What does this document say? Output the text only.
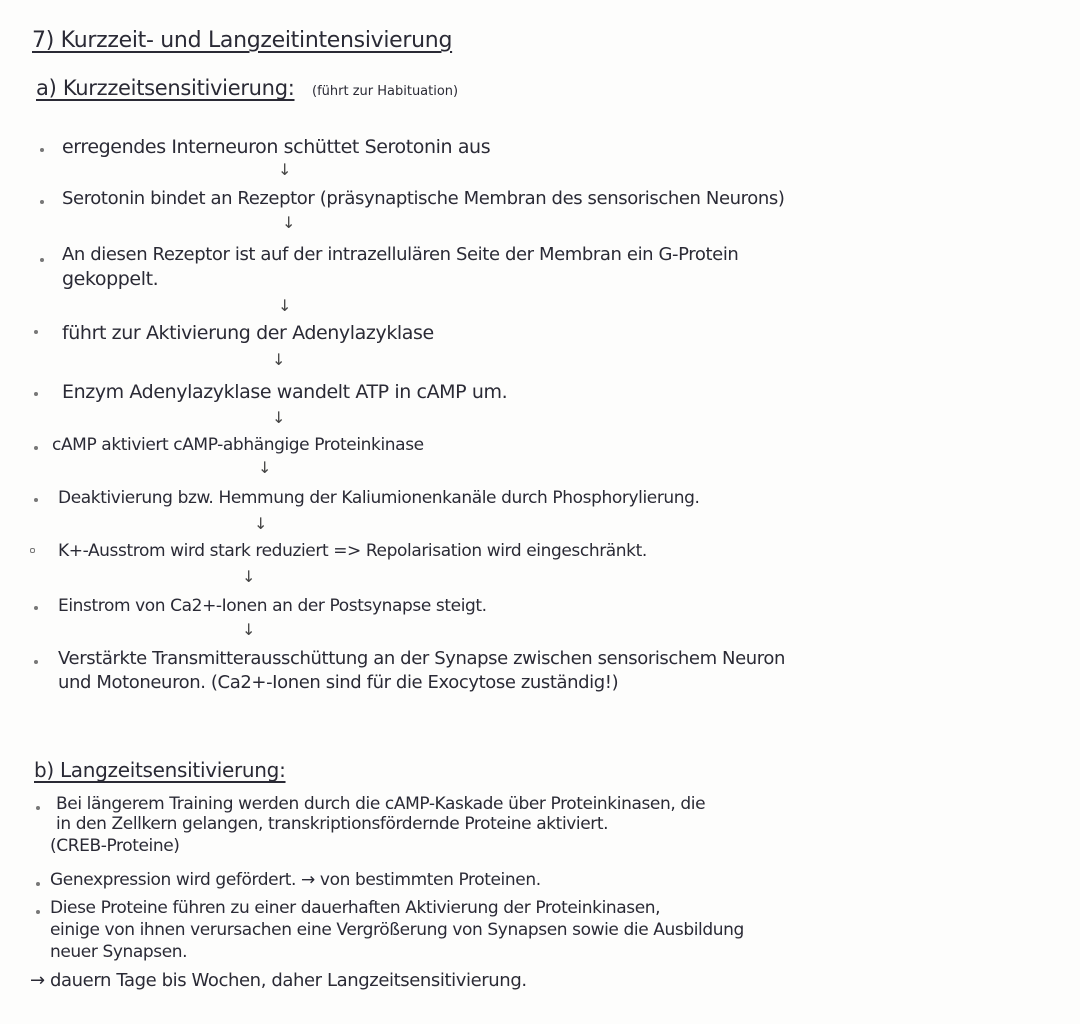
7) Kurzzeit- und Langzeitintensivierung
a) Kurzzeitsensitivierung: (führt zur Habituation)
erregendes Interneuron schüttet Serotonin aus
↓
Serotonin bindet an Rezeptor (präsynaptische Membran des sensorischen Neurons)
↓
An diesen Rezeptor ist auf der intrazellulären Seite der Membran ein G-Protein
gekoppelt.
↓
führt zur Aktivierung der Adenylazyklase
↓
Enzym Adenylazyklase wandelt ATP in cAMP um.
↓
cAMP aktiviert cAMP-abhängige Proteinkinase
↓
Deaktivierung bzw. Hemmung der Kaliumionenkanäle durch Phosphorylierung.
↓
K+-Ausstrom wird stark reduziert => Repolarisation wird eingeschränkt.
↓
Einstrom von Ca2+-Ionen an der Postsynapse steigt.
↓
Verstärkte Transmitterausschüttung an der Synapse zwischen sensorischem Neuron
und Motoneuron. (Ca2+-Ionen sind für die Exocytose zuständig!)
b) Langzeitsensitivierung:
Bei längerem Training werden durch die cAMP-Kaskade über Proteinkinasen, die
in den Zellkern gelangen, transkriptionsfördernde Proteine aktiviert.
(CREB-Proteine)
Genexpression wird gefördert. → von bestimmten Proteinen.
Diese Proteine führen zu einer dauerhaften Aktivierung der Proteinkinasen,
einige von ihnen verursachen eine Vergrößerung von Synapsen sowie die Ausbildung
neuer Synapsen.
→ dauern Tage bis Wochen, daher Langzeitsensitivierung.
